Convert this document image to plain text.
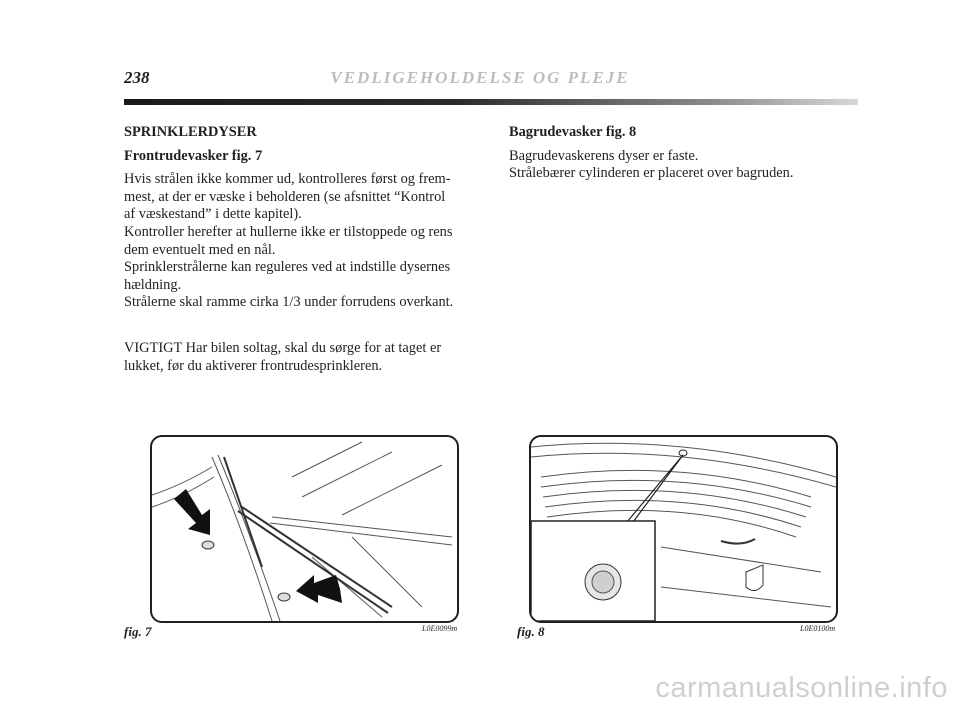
238	VEDLIGEHOLDELSE OG PLEJE
SPRINKLERDYSER
Frontrudevasker fig. 7
Hvis strålen ikke kommer ud, kontrolleres først og frem-
mest, at der er væske i beholderen (se afsnittet “Kontrol
af væskestand” i dette kapitel).
Kontroller herefter at hullerne ikke er tilstoppede og rens
dem eventuelt med en nål.
Sprinklerstrålerne kan reguleres ved at indstille dysernes
hældning.
Strålerne skal ramme cirka 1/3 under forrudens overkant.
VIGTIGT Har bilen soltag, skal du sørge for at taget er
lukket, før du aktiverer frontrudesprinkleren.
Bagrudevasker fig. 8
Bagrudevaskerens dyser er faste.
Strålebærer cylinderen er placeret over bagruden.
fig. 7	L0E0099m	fig. 8	L0E0100m
carmanualsonline.info
